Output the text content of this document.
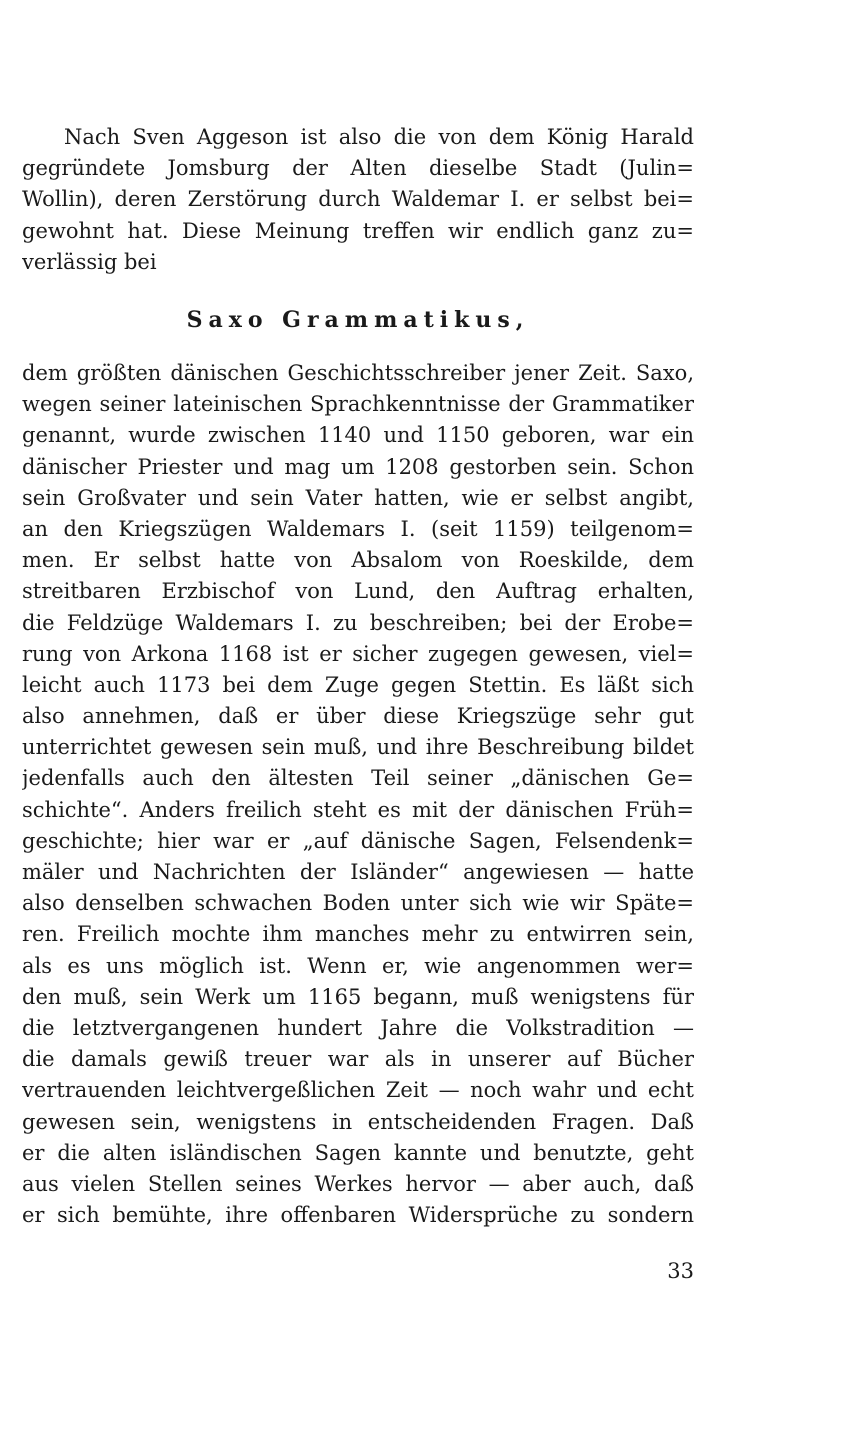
Nach Sven Aggeson ist also die von dem König Harald
gegründete Jomsburg der Alten dieselbe Stadt (Julin=
Wollin), deren Zerstörung durch Waldemar I. er selbst bei=
gewohnt hat. Diese Meinung treffen wir endlich ganz zu=
verlässig bei
Saxo Grammatikus,
dem größten dänischen Geschichtsschreiber jener Zeit. Saxo,
wegen seiner lateinischen Sprachkenntnisse der Grammatiker
genannt, wurde zwischen 1140 und 1150 geboren, war ein
dänischer Priester und mag um 1208 gestorben sein. Schon
sein Großvater und sein Vater hatten, wie er selbst angibt,
an den Kriegszügen Waldemars I. (seit 1159) teilgenom=
men. Er selbst hatte von Absalom von Roeskilde, dem
streitbaren Erzbischof von Lund, den Auftrag erhalten,
die Feldzüge Waldemars I. zu beschreiben; bei der Erobe=
rung von Arkona 1168 ist er sicher zugegen gewesen, viel=
leicht auch 1173 bei dem Zuge gegen Stettin. Es läßt sich
also annehmen, daß er über diese Kriegszüge sehr gut
unterrichtet gewesen sein muß, und ihre Beschreibung bildet
jedenfalls auch den ältesten Teil seiner „dänischen Ge=
schichte“. Anders freilich steht es mit der dänischen Früh=
geschichte; hier war er „auf dänische Sagen, Felsendenk=
mäler und Nachrichten der Isländer“ angewiesen — hatte
also denselben schwachen Boden unter sich wie wir Späte=
ren. Freilich mochte ihm manches mehr zu entwirren sein,
als es uns möglich ist. Wenn er, wie angenommen wer=
den muß, sein Werk um 1165 begann, muß wenigstens für
die letztvergangenen hundert Jahre die Volkstradition —
die damals gewiß treuer war als in unserer auf Bücher
vertrauenden leichtvergeßlichen Zeit — noch wahr und echt
gewesen sein, wenigstens in entscheidenden Fragen. Daß
er die alten isländischen Sagen kannte und benutzte, geht
aus vielen Stellen seines Werkes hervor — aber auch, daß
er sich bemühte, ihre offenbaren Widersprüche zu sondern
33
